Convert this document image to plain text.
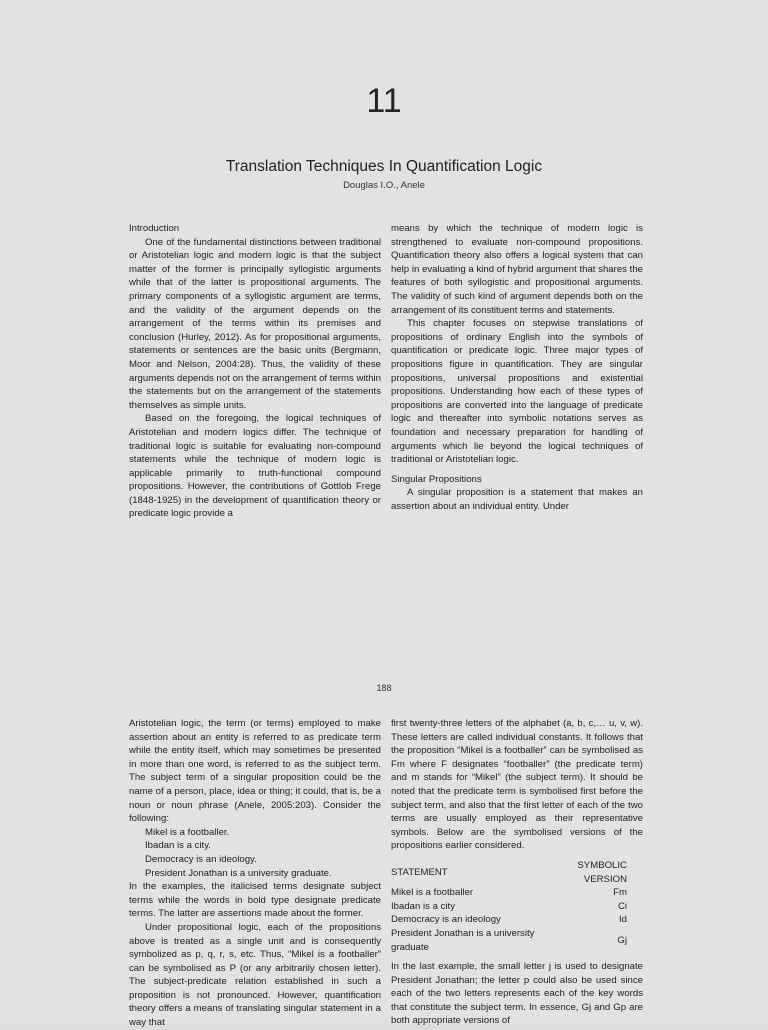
11
Translation Techniques In Quantification Logic
Douglas I.O., Anele

Introduction

One of the fundamental distinctions between traditional or Aristotelian logic and modern logic is that the subject matter of the former is principally syllogistic arguments while that of the latter is propositional arguments. The primary components of a syllogistic argument are terms, and the validity of the argument depends on the arrangement of the terms within its premises and conclusion (Hurley, 2012). As for propositional arguments, statements or sentences are the basic units (Bergmann, Moor and Nelson, 2004:28). Thus, the validity of these arguments depends not on the arrangement of terms within the statements but on the arrangement of the statements themselves as simple units.

Based on the foregoing, the logical techniques of Aristotelian and modern logics differ. The technique of traditional logic is suitable for evaluating non-compound statements while the technique of modern logic is applicable primarily to truth-functional compound propositions. However, the contributions of Gottlob Frege (1848-1925) in the development of quantification theory or predicate logic provide a

means by which the technique of modern logic is strengthened to evaluate non-compound propositions. Quantification theory also offers a logical system that can help in evaluating a kind of hybrid argument that shares the features of both syllogistic and propositional arguments. The validity of such kind of argument depends both on the arrangement of its constituent terms and statements.

This chapter focuses on stepwise translations of propositions of ordinary English into the symbols of quantification or predicate logic. Three major types of propositions figure in quantification. They are singular propositions, universal propositions and existential propositions. Understanding how each of these types of propositions are converted into the language of predicate logic and thereafter into symbolic notations serves as foundation and necessary preparation for handling of arguments which lie beyond the logical techniques of traditional or Aristotelian logic.

Singular Propositions

A singular proposition is a statement that makes an assertion about an individual entity. Under

188

Aristotelian logic, the term (or terms) employed to make assertion about an entity is referred to as predicate term while the entity itself, which may sometimes be presented in more than one word, is referred to as the subject term. The subject term of a singular proposition could be the name of a person, place, idea or thing; it could, that is, be a noun or noun phrase (Anele, 2005:203). Consider the following:

Mikel is a footballer.

Ibadan is a city.

Democracy is an ideology.

President Jonathan is a university graduate.

In the examples, the italicised terms designate subject terms while the words in bold type designate predicate terms. The latter are assertions made about the former.

Under propositional logic, each of the propositions above is treated as a single unit and is consequently symbolized as p, q, r, s, etc. Thus, “Mikel is a footballer” can be symbolised as P (or any arbitrarily chosen letter). The subject-predicate relation established in such a proposition is not pronounced. However, quantification theory offers a means of translating singular statement in a way that

first twenty-three letters of the alphabet (a, b, c,… u, v, w). These letters are called individual constants. It follows that the proposition “Mikel is a footballer” can be symbolised as Fm where F designates “footballer” (the predicate term) and m stands for “Mikel” (the subject term). It should be noted that the predicate term is symbolised first before the subject term, and also that the first letter of each of the two terms are usually employed as their representative symbols. Below are the symbolised versions of the propositions earlier considered.

STATEMENT	SYMBOLIC VERSION
Mikel is a footballer	Fm
Ibadan is a city	Ci
Democracy is an ideology	Id
President Jonathan is a university graduate	Gj

In the last example, the small letter j is used to designate President Jonathan; the letter p could also be used since each of the two letters represents each of the key words that constitute the subject term. In essence, Gj and Gp are both appropriate versions of
